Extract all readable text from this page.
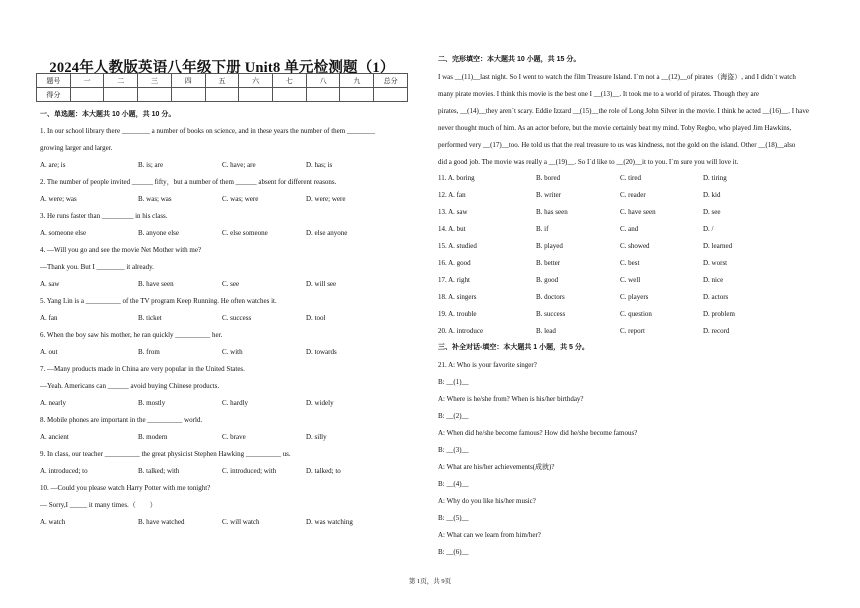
2024年人教版英语八年级下册 Unit8 单元检测题（1）
题号	一	二	三	四	五	六	七	八	九	总分
得分										
第 1页，共 9页
一、单选题：本大题共 10 小题，共 10 分。
1. In our school library there ________ a number of books on science, and in these years the number of them ________
growing larger and larger.
A. are; is	B. is; are	C. have; are	D. has; is
2. The number of people invited ______ fifty，but a number of them ______ absent for different reasons.
A. were; was	B. was; was	C. was; were	D. were; were
3. He runs faster than _________ in his class.
A. someone else	B. anyone else	C. else someone	D. else anyone
4. —Will you go and see the movie Net Mother with me?
—Thank you. But I ________ it already.
A. saw	B. have seen	C. see	D. will see
5. Yang Lin is a __________ of the TV program Keep Running. He often watches it.
A. fan	B. ticket	C. success	D. tool
6. When the boy saw his mother, he ran quickly __________ her.
A. out	B. from	C. with	D. towards
7. —Many products made in China are very popular in the United States.
—Yeah. Americans can ______ avoid buying Chinese products.
A. nearly	B. mostly	C. hardly	D. widely
8. Mobile phones are important in the __________ world.
A. ancient	B. modern	C. brave	D. silly
9. In class, our teacher __________ the great physicist Stephen Hawking __________ us.
A. introduced; to	B. talked; with	C. introduced; with	D. talked; to
10. —Could you please watch Harry Potter with me tonight?
— Sorry,I _____ it many times.（　　）
A. watch	B. have watched	C. will watch	D. was watching
二、完形填空：本大题共 10 小题，共 15 分。
I was __(11)__last night. So I went to watch the film Treasure Island. I`m not a __(12)__of pirates（海盗）, and I didn`t watch
many pirate movies. I think this movie is the best one I __(13)__. It took me to a world of pirates. Though they are
pirates, __(14)__they aren`t scary. Eddie Izzard __(15)__the role of Long John Silver in the movie. I think he acted __(16)__. I have
never thought much of him. As an actor before, but the movie certainly beat my mind. Toby Regbo, who played Jim Hawkins,
performed very __(17)__too. He told us that the real treasure to us was kindness, not the gold on the island. Other __(18)__also
did a good job. The movie was really a __(19)__. So I`d like to __(20)__it to you. I`m sure you will love it.
11. A. boring	B. bored	C. tired	D. tiring
12. A. fan	B. writer	C. reader	D. kid
13. A. saw	B. has seen	C. have seen	D. see
14. A. but	B. if	C. and	D. /
15. A. studied	B. played	C. showed	D. learned
16. A. good	B. better	C. best	D. worst
17. A. right	B. good	C. well	D. nice
18. A. singers	B. doctors	C. players	D. actors
19. A. trouble	B. success	C. question	D. problem
20. A. introduce	B. lead	C. report	D. record
三、补全对话-填空：本大题共 1 小题，共 5 分。
21. A: Who is your favorite singer?
B: __(1)__
A: Where is he/she from? When is his/her birthday?
B: __(2)__
A: When did he/she become famous? How did he/she become famous?
B: __(3)__
A: What are his/her achievements(成就)?
B: __(4)__
A: Why do you like his/her music?
B: __(5)__
A: What can we learn from him/her?
B: __(6)__
